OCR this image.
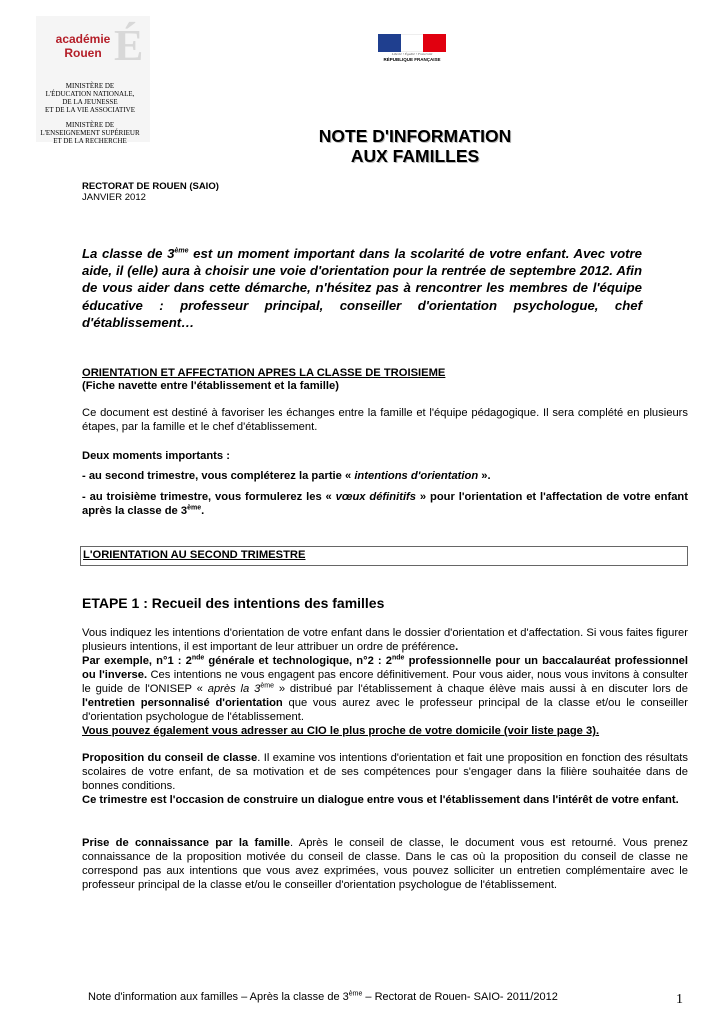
académie
Rouen É
MINISTÈRE DE
L'ÉDUCATION NATIONALE,
DE LA JEUNESSE
ET DE LA VIE ASSOCIATIVE
MINISTÈRE DE
L'ENSEIGNEMENT SUPÉRIEUR
ET DE LA RECHERCHE
Liberté • Égalité • Fraternité
RÉPUBLIQUE FRANÇAISE
NOTE D'INFORMATION
AUX FAMILLES
RECTORAT DE ROUEN (SAIO)
JANVIER 2012
La classe de 3ème est un moment important dans la scolarité de votre enfant. Avec votre aide, il (elle) aura à choisir une voie d'orientation pour la rentrée de septembre 2012. Afin de vous aider dans cette démarche, n'hésitez pas à rencontrer les membres de l'équipe éducative : professeur principal, conseiller d'orientation psychologue, chef d'établissement…
ORIENTATION ET AFFECTATION APRES LA CLASSE DE TROISIEME
(Fiche navette entre l'établissement et la famille)
Ce document est destiné à favoriser les échanges entre la famille et l'équipe pédagogique. Il sera complété en plusieurs étapes, par la famille et le chef d'établissement.
Deux moments importants :
- au second trimestre, vous compléterez la partie « intentions d'orientation ».
- au troisième trimestre, vous formulerez les « vœux définitifs » pour l'orientation et l'affectation de votre enfant après la classe de 3ème.
L'ORIENTATION AU SECOND TRIMESTRE
ETAPE 1 : Recueil des intentions des familles
Vous indiquez les intentions d'orientation de votre enfant dans le dossier d'orientation et d'affectation. Si vous faites figurer plusieurs intentions, il est important de leur attribuer un ordre de préférence.
Par exemple, n°1 : 2nde générale et technologique, n°2 : 2nde professionnelle pour un baccalauréat professionnel ou l'inverse. Ces intentions ne vous engagent pas encore définitivement. Pour vous aider, nous vous invitons à consulter le guide de l'ONISEP « après la 3ème » distribué par l'établissement à chaque élève mais aussi à en discuter lors de l'entretien personnalisé d'orientation que vous aurez avec le professeur principal de la classe et/ou le conseiller d'orientation psychologue de l'établissement.
Vous pouvez également vous adresser au CIO le plus proche de votre domicile (voir liste page 3).
Proposition du conseil de classe. Il examine vos intentions d'orientation et fait une proposition en fonction des résultats scolaires de votre enfant, de sa motivation et de ses compétences pour s'engager dans la filière souhaitée dans de bonnes conditions.
Ce trimestre est l'occasion de construire un dialogue entre vous et l'établissement dans l'intérêt de votre enfant.
Prise de connaissance par la famille. Après le conseil de classe, le document vous est retourné. Vous prenez connaissance de la proposition motivée du conseil de classe. Dans le cas où la proposition du conseil de classe ne correspond pas aux intentions que vous avez exprimées, vous pouvez solliciter un entretien complémentaire avec le professeur principal de la classe et/ou le conseiller d'orientation psychologue de l'établissement.
Note d'information aux familles – Après la classe de 3ème – Rectorat de Rouen- SAIO- 2011/2012	1
